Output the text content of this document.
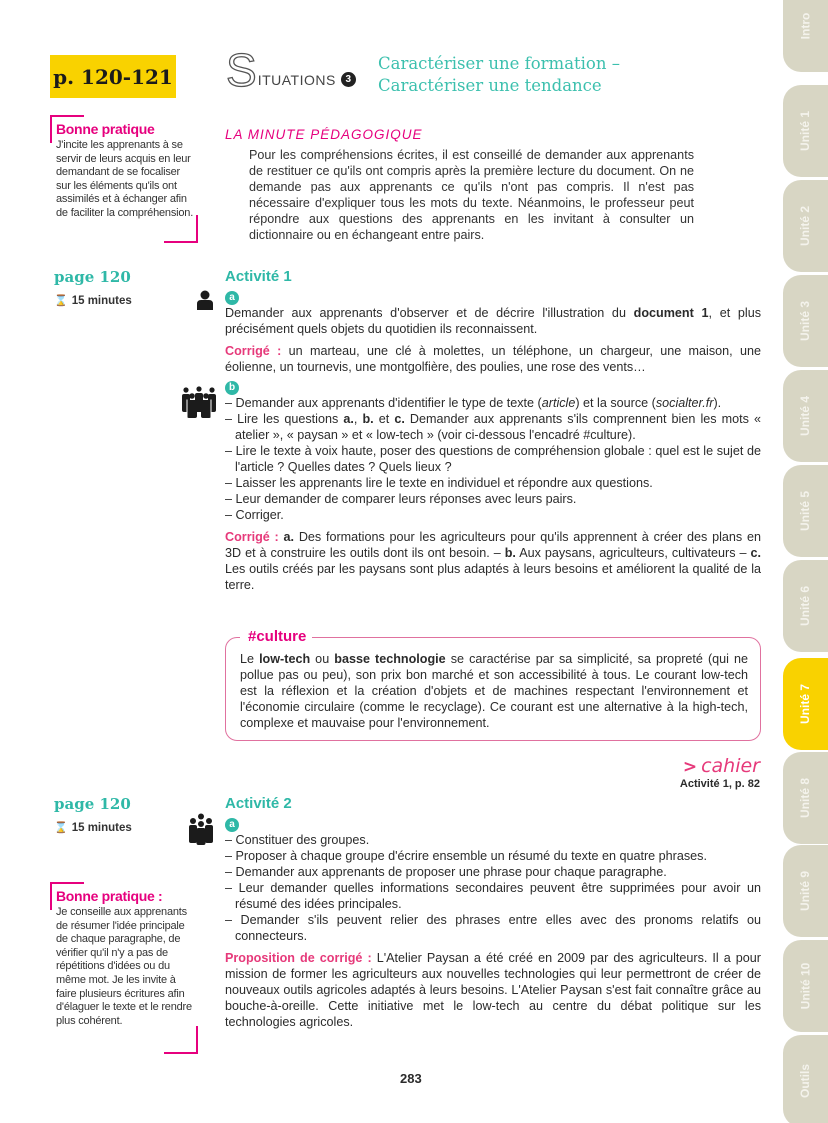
Intro
Unité 1
Unité 2
Unité 3
Unité 4
Unité 5
Unité 6
Unité 7
Unité 8
Unité 9
Unité 10
Outils
p. 120-121 S ITUATIONS 3
Caractériser une formation –
Caractériser une tendance
Bonne pratique
J'incite les apprenants à se servir de leurs acquis en leur demandant de se focaliser sur les éléments qu'ils ont assimilés et à échanger afin de faciliter la compréhension.
LA MINUTE PÉDAGOGIQUE
Pour les compréhensions écrites, il est conseillé de demander aux apprenants de restituer ce qu'ils ont compris après la première lecture du document. On ne demande pas aux apprenants ce qu'ils n'ont pas compris. Il n'est pas nécessaire d'expliquer tous les mots du texte. Néanmoins, le professeur peut répondre aux questions des apprenants en les invitant à consulter un dictionnaire ou en échangeant entre pairs.
page 120
⌛ 15 minutes
Activité 1
a
Demander aux apprenants d'observer et de décrire l'illustration du document 1, et plus précisément quels objets du quotidien ils reconnaissent.
Corrigé : un marteau, une clé à molettes, un téléphone, un chargeur, une maison, une éolienne, un tournevis, une montgolfière, des poulies, une rose des vents…
b
– Demander aux apprenants d'identifier le type de texte (article) et la source (socialter.fr).
– Lire les questions a., b. et c. Demander aux apprenants s'ils comprennent bien les mots « atelier », « paysan » et « low-tech » (voir ci-dessous l'encadré #culture).
– Lire le texte à voix haute, poser des questions de compréhension globale : quel est le sujet de l'article ? Quelles dates ? Quels lieux ?
– Laisser les apprenants lire le texte en individuel et répondre aux questions.
– Leur demander de comparer leurs réponses avec leurs pairs.
– Corriger.
Corrigé : a. Des formations pour les agriculteurs pour qu'ils apprennent à créer des plans en 3D et à construire les outils dont ils ont besoin. – b. Aux paysans, agriculteurs, cultivateurs – c. Les outils créés par les paysans sont plus adaptés à leurs besoins et améliorent la qualité de la terre.
#culture
Le low-tech ou basse technologie se caractérise par sa simplicité, sa propreté (qui ne pollue pas ou peu), son prix bon marché et son accessibilité à tous. Le courant low-tech est la réflexion et la création d'objets et de machines respectant l'environnement et l'économie circulaire (comme le recyclage). Ce courant est une alternative à la high-tech, complexe et mauvaise pour l'environnement.
> cahier
Activité 1, p. 82
page 120
⌛ 15 minutes
Activité 2
a
– Constituer des groupes.
– Proposer à chaque groupe d'écrire ensemble un résumé du texte en quatre phrases.
– Demander aux apprenants de proposer une phrase pour chaque paragraphe.
– Leur demander quelles informations secondaires peuvent être supprimées pour avoir un résumé des idées principales.
– Demander s'ils peuvent relier des phrases entre elles avec des pronoms relatifs ou connecteurs.
Proposition de corrigé : L'Atelier Paysan a été créé en 2009 par des agriculteurs. Il a pour mission de former les agriculteurs aux nouvelles technologies qui leur permettront de créer de nouveaux outils agricoles adaptés à leurs besoins. L'Atelier Paysan s'est fait connaître grâce au bouche-à-oreille. Cette initiative met le low-tech au centre du débat politique sur les technologies agricoles.
Bonne pratique :
Je conseille aux apprenants de résumer l'idée principale de chaque paragraphe, de vérifier qu'il n'y a pas de répétitions d'idées ou du même mot. Je les invite à faire plusieurs écritures afin d'élaguer le texte et le rendre plus cohérent.
283
